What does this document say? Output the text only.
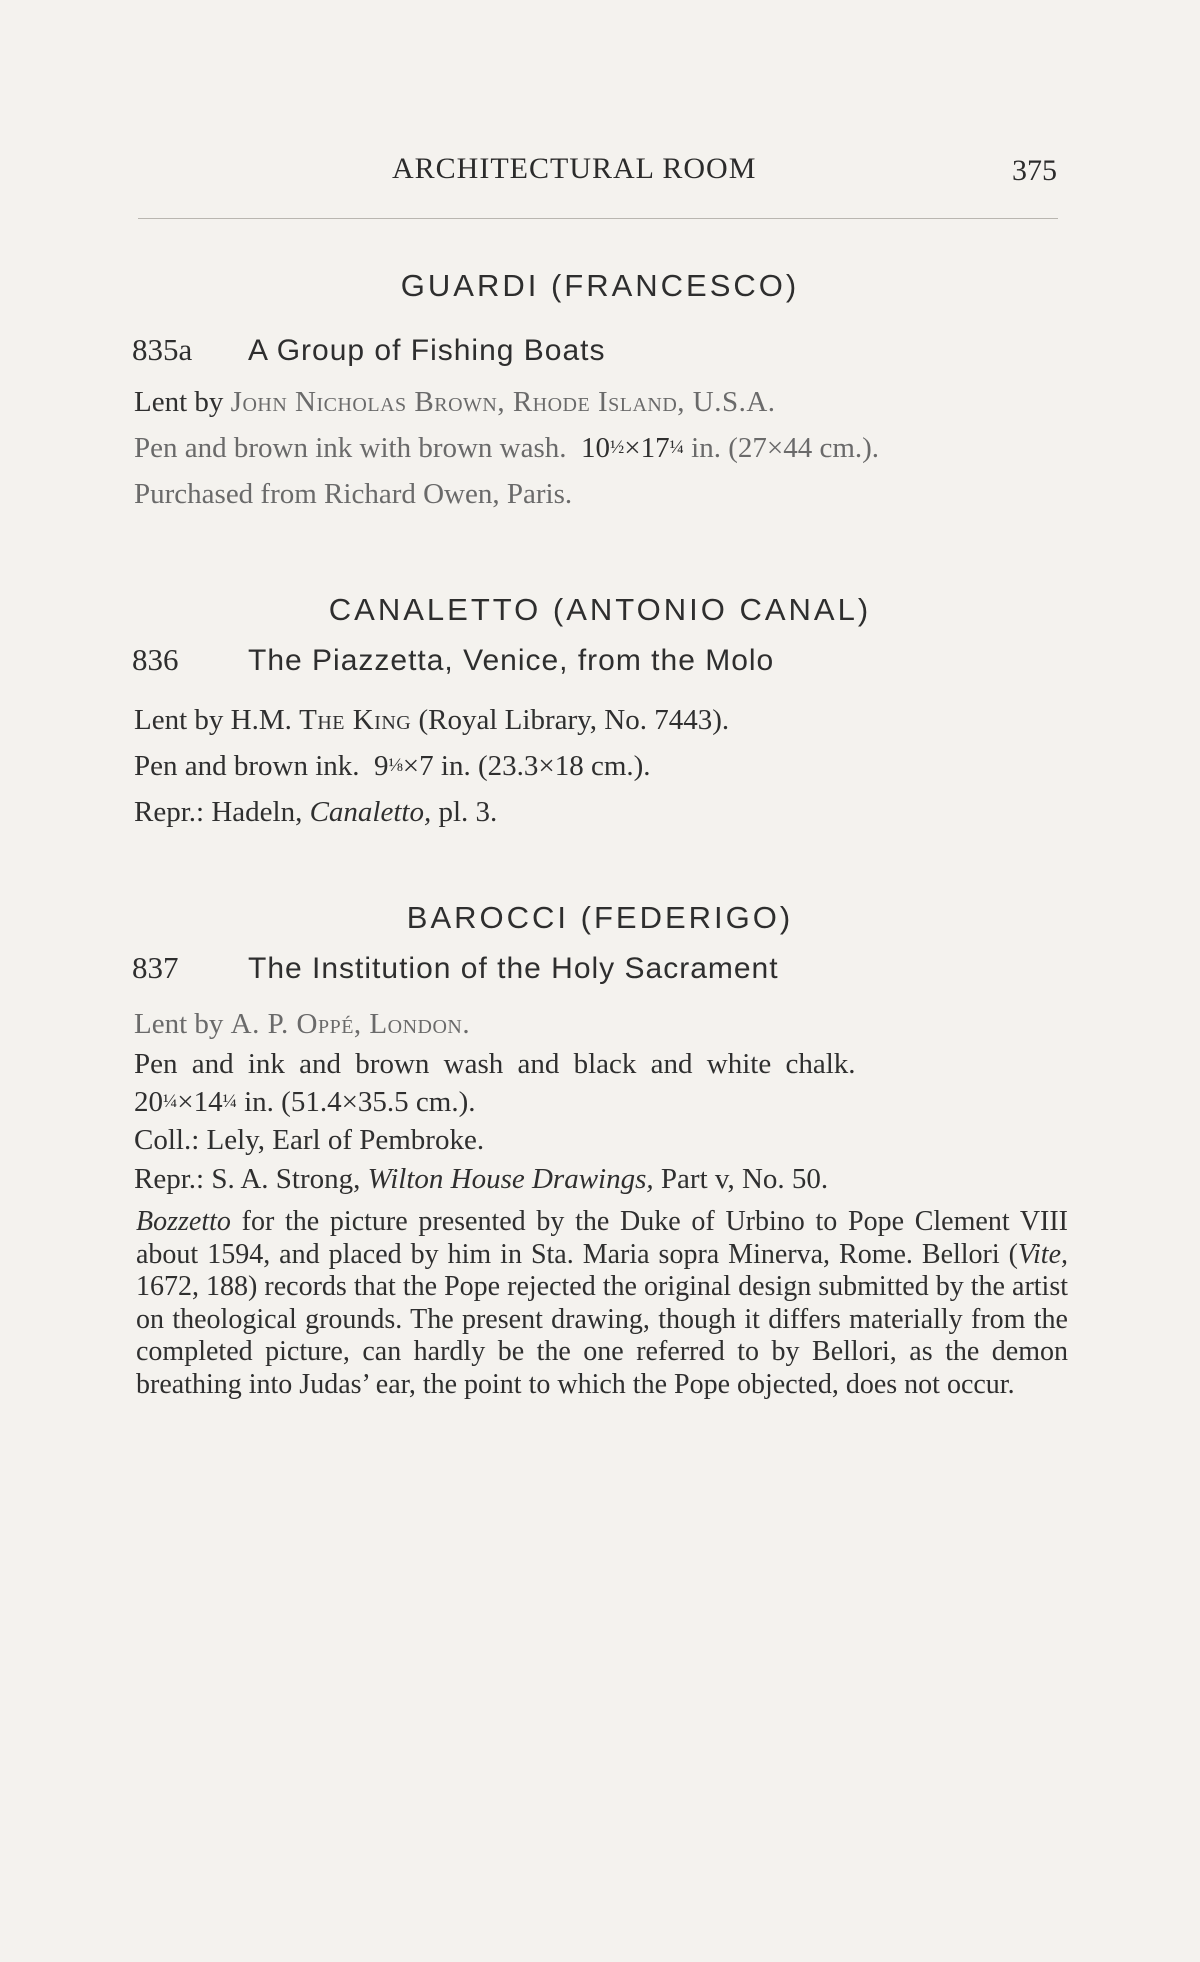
ARCHITECTURAL ROOM	375
GUARDI (FRANCESCO)
835a A Group of Fishing Boats
Lent by John Nicholas Brown, Rhode Island, U.S.A.
Pen and brown ink with brown wash. 10½×17¼ in. (27×44 cm.).
Purchased from Richard Owen, Paris.
CANALETTO (ANTONIO CANAL)
836 The Piazzetta, Venice, from the Molo
Lent by H.M. The King (Royal Library, No. 7443).
Pen and brown ink. 9⅛×7 in. (23.3×18 cm.).
Repr.: Hadeln, Canaletto, pl. 3.
BAROCCI (FEDERIGO)
837 The Institution of the Holy Sacrament
Lent by A. P. Oppé, London.
Pen and ink and brown wash and black and white chalk.
20¼×14¼ in. (51.4×35.5 cm.).
Coll.: Lely, Earl of Pembroke.
Repr.: S. A. Strong, Wilton House Drawings, Part v, No. 50.
Bozzetto for the picture presented by the Duke of Urbino to Pope Clement VIII about 1594, and placed by him in Sta. Maria sopra Minerva, Rome. Bellori (Vite, 1672, 188) records that the Pope rejected the original design submitted by the artist on theological grounds. The present drawing, though it differs materially from the completed picture, can hardly be the one referred to by Bellori, as the demon breathing into Judas’ ear, the point to which the Pope objected, does not occur.
